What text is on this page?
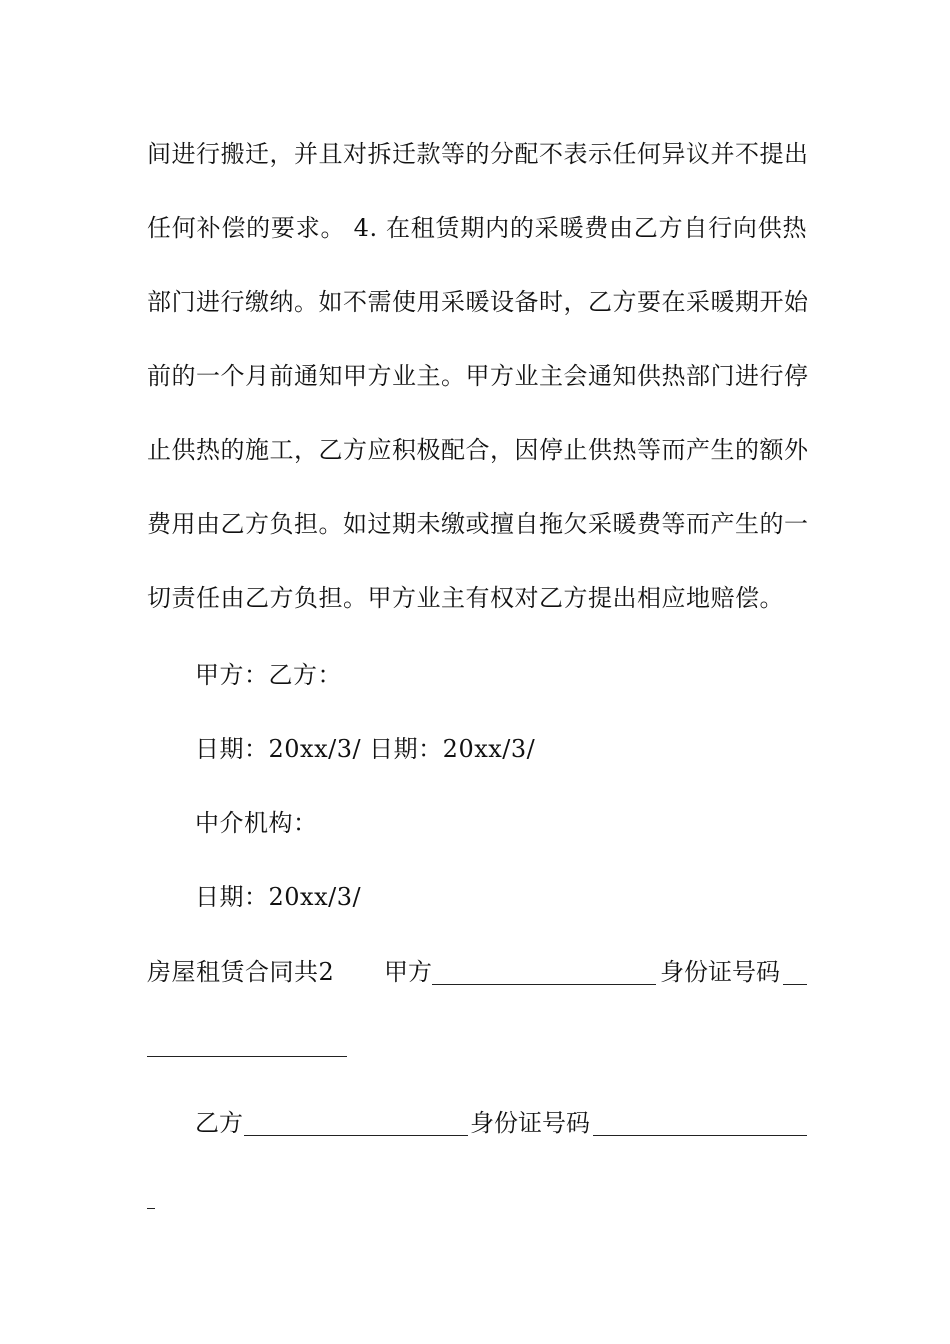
间进行搬迁，并且对拆迁款等的分配不表示任何异议并不提出
任何补偿的要求。 4. 在租赁期内的采暖费由乙方自行向供热
部门进行缴纳。如不需使用采暖设备时，乙方要在采暖期开始
前的一个月前通知甲方业主。甲方业主会通知供热部门进行停
止供热的施工，乙方应积极配合，因停止供热等而产生的额外
费用由乙方负担。如过期未缴或擅自拖欠采暖费等而产生的一
切责任由乙方负担。甲方业主有权对乙方提出相应地赔偿。
甲方：乙方：
日期：20xx/3/ 日期：20xx/3/
中介机构：
日期：20xx/3/
房屋租赁合同共2	甲方	身份证号码
乙方	身份证号码
